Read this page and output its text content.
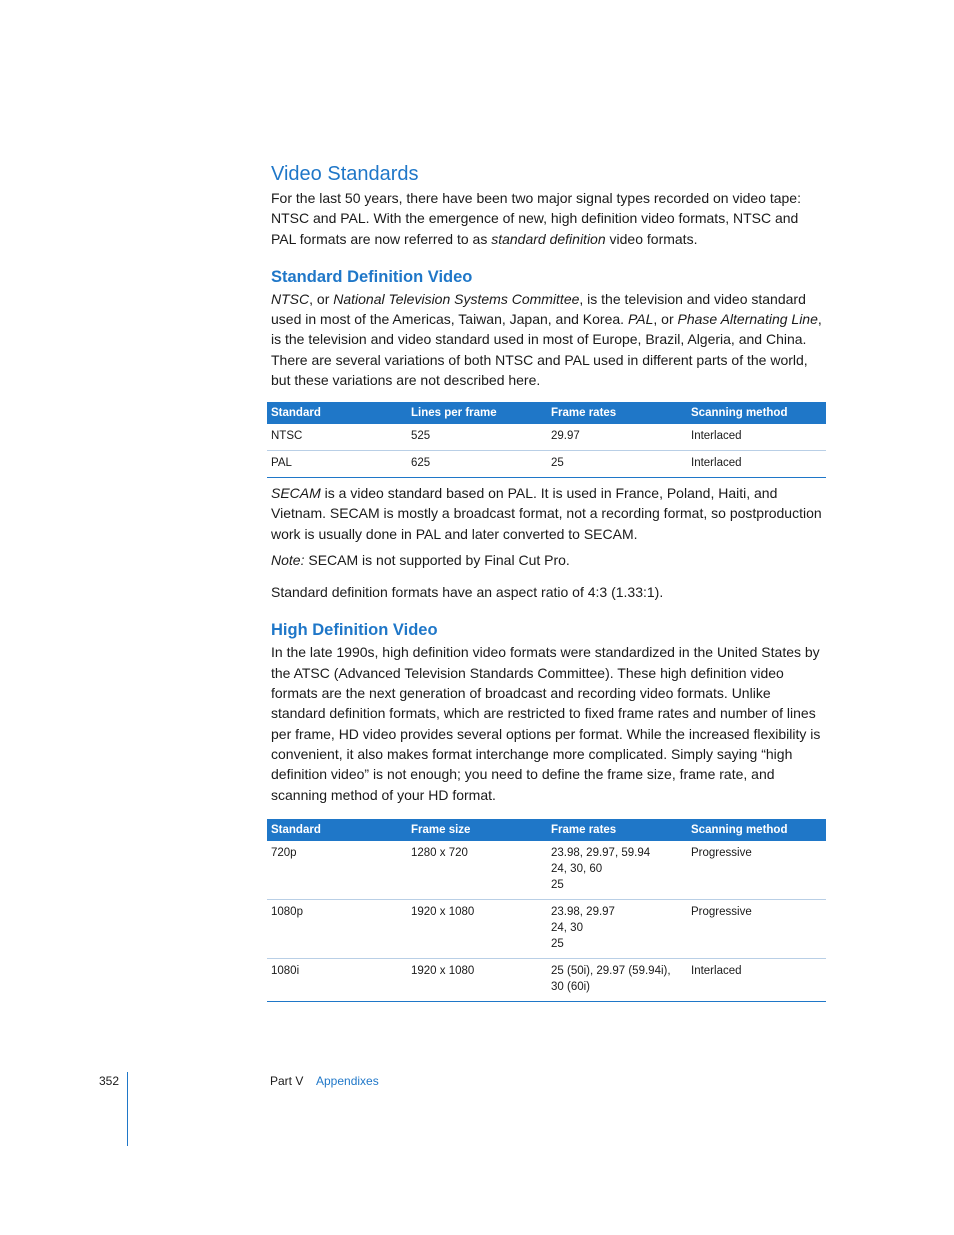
Video Standards

For the last 50 years, there have been two major signal types recorded on video tape: NTSC and PAL. With the emergence of new, high definition video formats, NTSC and PAL formats are now referred to as standard definition video formats.

Standard Definition Video

NTSC, or National Television Systems Committee, is the television and video standard used in most of the Americas, Taiwan, Japan, and Korea. PAL, or Phase Alternating Line, is the television and video standard used in most of Europe, Brazil, Algeria, and China. There are several variations of both NTSC and PAL used in different parts of the world, but these variations are not described here.

Standard	Lines per frame	Frame rates	Scanning method
NTSC	525	29.97	Interlaced
PAL	625	25	Interlaced

SECAM is a video standard based on PAL. It is used in France, Poland, Haiti, and Vietnam. SECAM is mostly a broadcast format, not a recording format, so postproduction work is usually done in PAL and later converted to SECAM.

Note: SECAM is not supported by Final Cut Pro.

Standard definition formats have an aspect ratio of 4:3 (1.33:1).

High Definition Video

In the late 1990s, high definition video formats were standardized in the United States by the ATSC (Advanced Television Standards Committee). These high definition video formats are the next generation of broadcast and recording video formats. Unlike standard definition formats, which are restricted to fixed frame rates and number of lines per frame, HD video provides several options per format. While the increased flexibility is convenient, it also makes format interchange more complicated. Simply saying “high definition video” is not enough; you need to define the frame size, frame rate, and scanning method of your HD format.

Standard	Frame size	Frame rates	Scanning method
720p	1280 x 720	23.98, 29.97, 59.94
24, 30, 60
25	Progressive
1080p	1920 x 1080	23.98, 29.97
24, 30
25	Progressive
1080i	1920 x 1080	25 (50i), 29.97 (59.94i),
30 (60i)	Interlaced
352	Part V Appendixes
